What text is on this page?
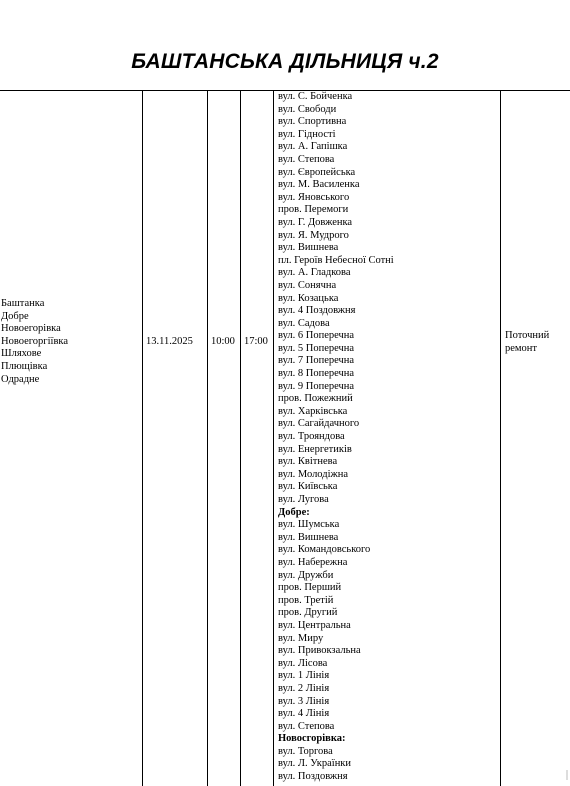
БАШТАНСЬКА ДІЛЬНИЦЯ ч.2
Баштанка
Добре
Новоегорівка
Новоегоргіївка
Шляхове
Плющівка
Одрадне
13.11.2025 10:00 17:00
вул. С. Бойченка
вул. Свободи
вул. Спортивна
вул. Гідності
вул. А. Гапішка
вул. Степова
вул. Європейська
вул. М. Василенка
вул. Яновського
пров. Перемоги
вул. Г. Довженка
вул. Я. Мудрого
вул. Вишнева
пл. Героїв Небесної Сотні
вул. А. Гладкова
вул. Сонячна
вул. Козацька
вул. 4 Поздовжня
вул. Садова
вул. 6 Поперечна
вул. 5 Поперечна
вул. 7 Поперечна
вул. 8 Поперечна
вул. 9 Поперечна
пров. Пожежний
вул. Харківська
вул. Сагайдачного
вул. Трояндова
вул. Енергетиків
вул. Квітнева
вул. Молодіжна
вул. Київська
вул. Лугова
Добре:
вул. Шумська
вул. Вишнева
вул. Командовського
вул. Набережна
вул. Дружби
пров. Перший
пров. Третій
пров. Другий
вул. Центральна
вул. Миру
вул. Привокзальна
вул. Лісова
вул. 1 Лінія
вул. 2 Лінія
вул. 3 Лінія
вул. 4 Лінія
вул. Степова
Новосгорівка:
вул. Торгова
вул. Л. Українки
вул. Поздовжня
Поточний
ремонт
